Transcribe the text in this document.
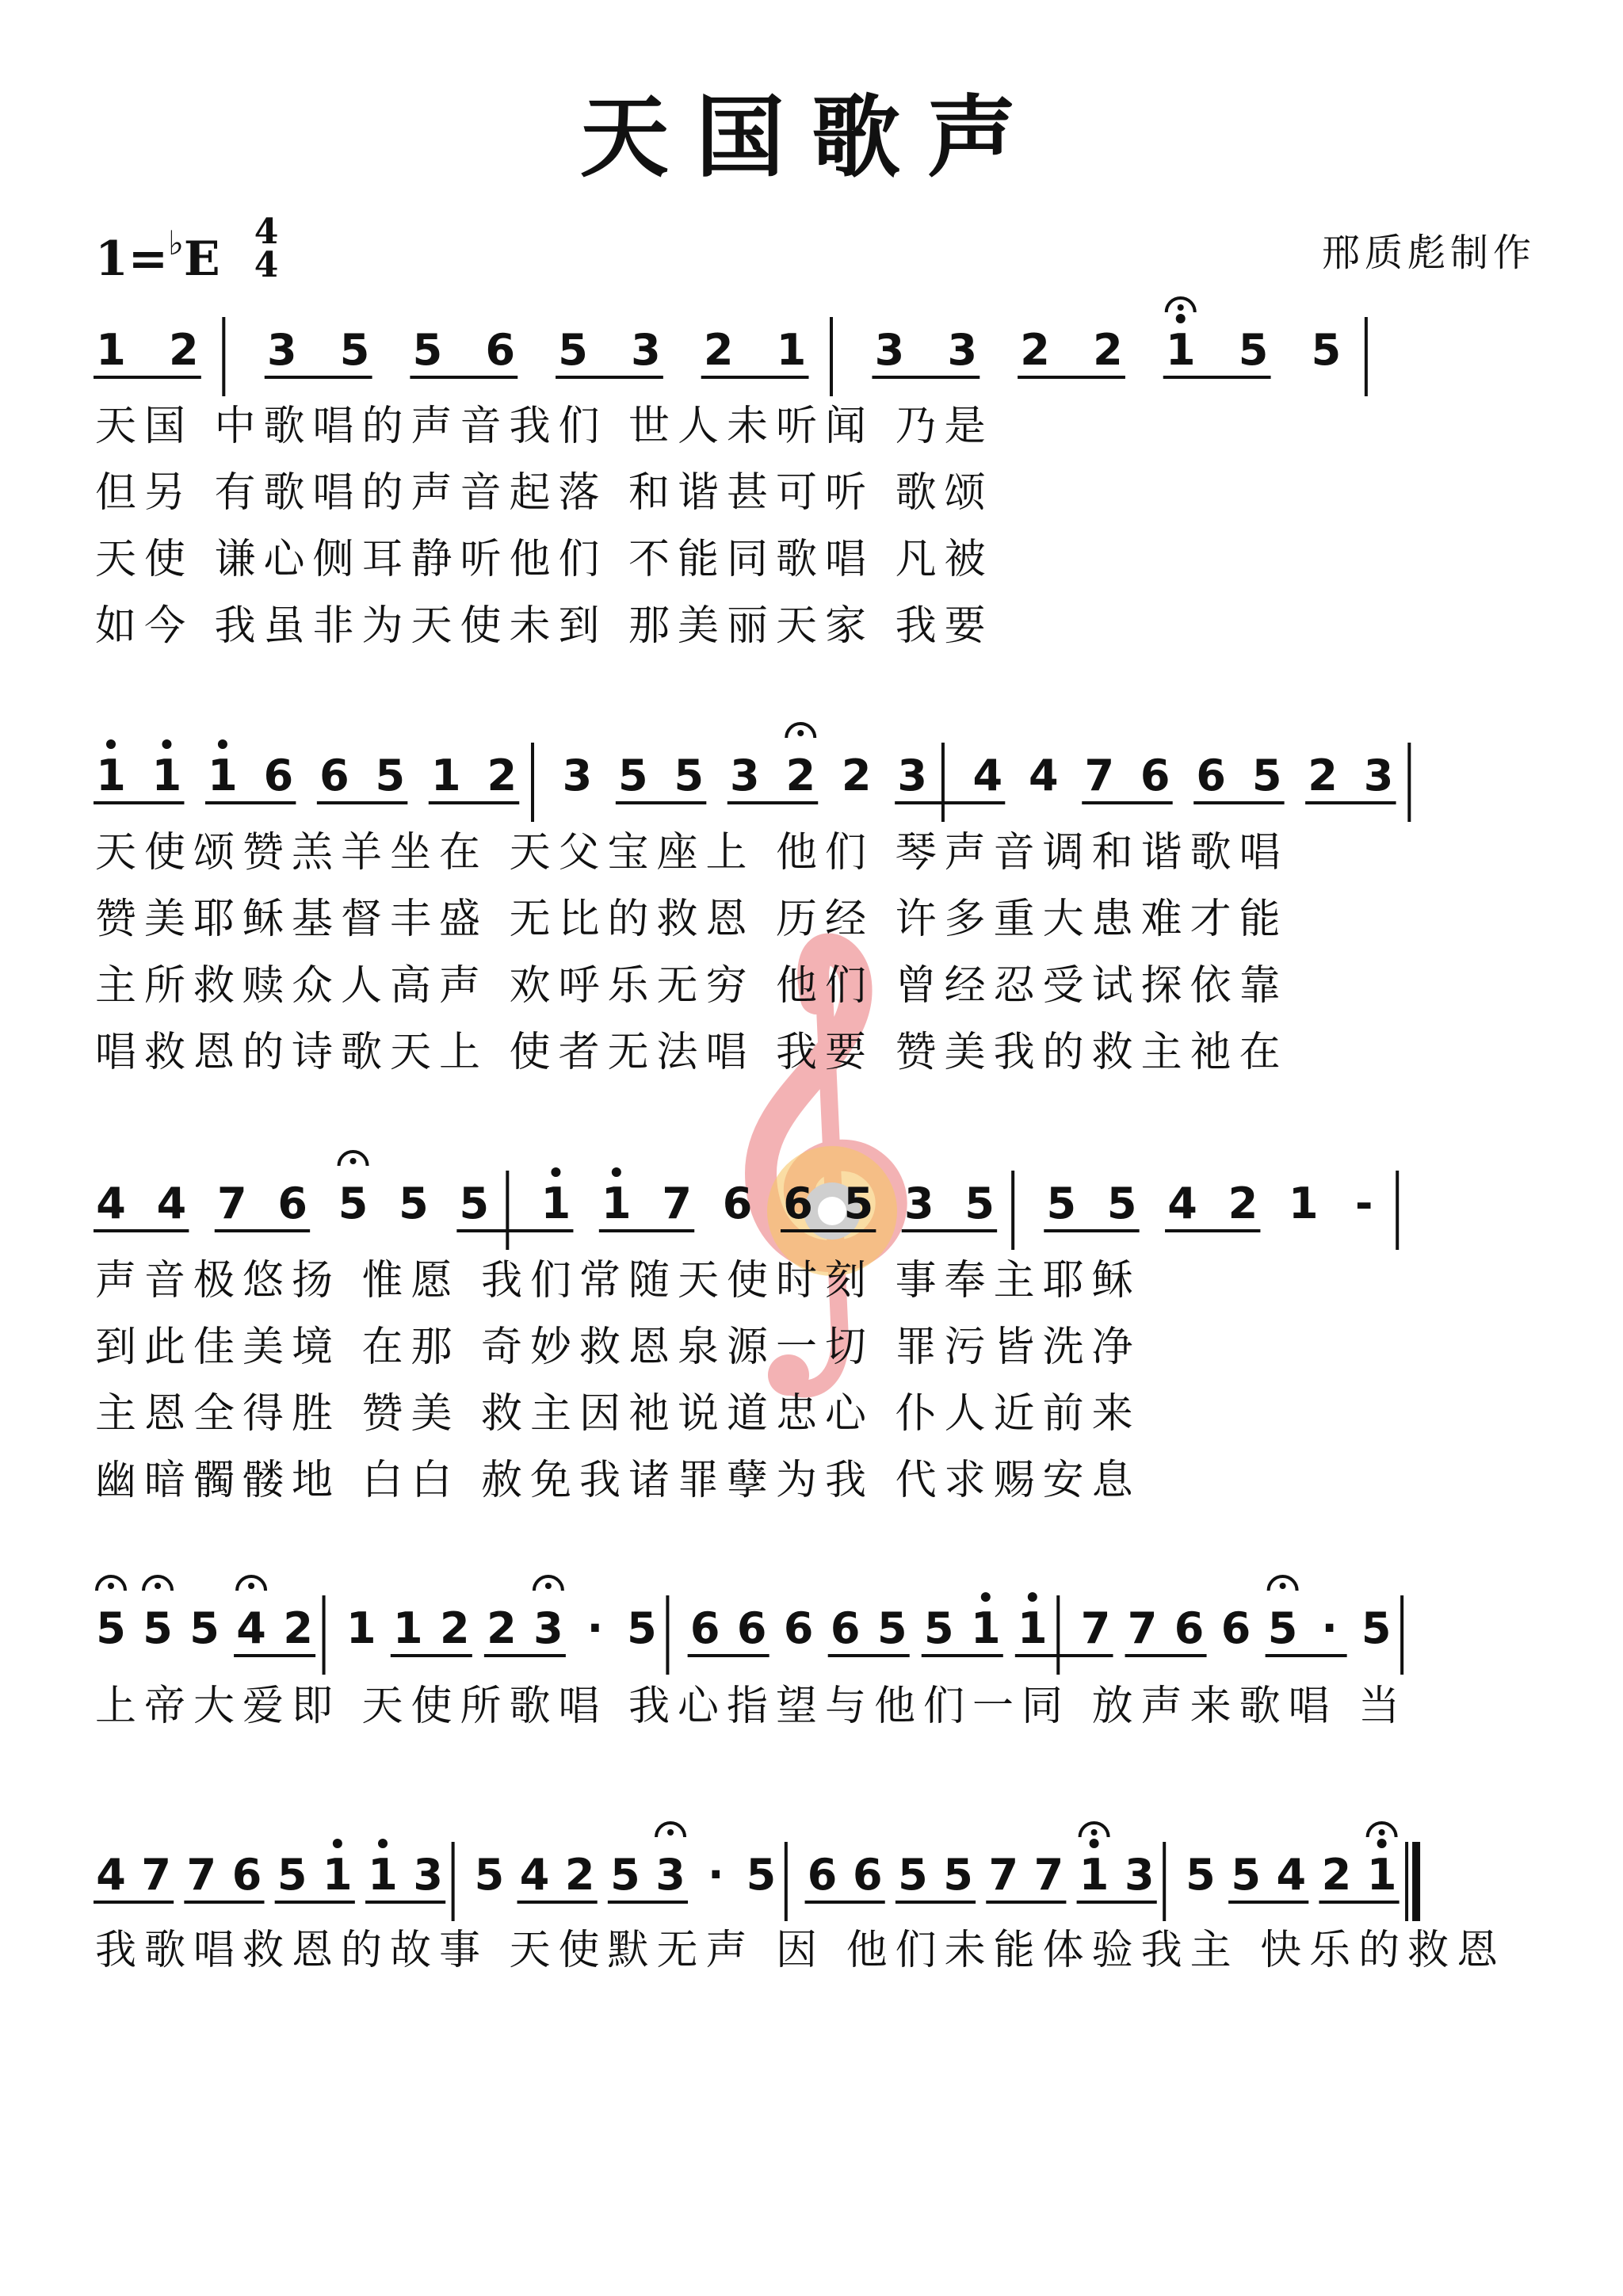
天国歌声
1=♭E 4
4	邢质彪制作
1 2 3 5 5 6 5 3 2 1 3 3 2 2 1 5 5
天国 中歌唱的声音我们 世人未听闻 乃是
但另 有歌唱的声音起落 和谐甚可听 歌颂
天使 谦心侧耳静听他们 不能同歌唱 凡被
如今 我虽非为天使未到 那美丽天家 我要
1 1 1 6 6 5 1 2 3 5 5 3 2 2 3 4 4 7 6 6 5 2 3
天使颂赞羔羊坐在 天父宝座上 他们 琴声音调和谐歌唱
赞美耶稣基督丰盛 无比的救恩 历经 许多重大患难才能
主所救赎众人高声 欢呼乐无穷 他们 曾经忍受试探依靠
唱救恩的诗歌天上 使者无法唱 我要 赞美我的救主祂在
4 4 7 6 5 5 5 1 1 7 6 6 5 3 5 5 5 4 2 1 -
声音极悠扬 惟愿 我们常随天使时刻 事奉主耶稣
到此佳美境 在那 奇妙救恩泉源一切 罪污皆洗净
主恩全得胜 赞美 救主因祂说道忠心 仆人近前来
幽暗髑髅地 白白 赦免我诸罪孽为我 代求赐安息
5 5 5 4 2 1 1 2 2 3 · 5 6 6 6 6 5 5 1 1 7 7 6 6 5 · 5
上帝大爱即 天使所歌唱 我心指望与他们一同 放声来歌唱 当
4 7 7 6 5 1 1 3 5 4 2 5 3 · 5 6 6 5 5 7 7 1 3 5 5 4 2 1
我歌唱救恩的故事 天使默无声 因 他们未能体验我主 快乐的救恩
